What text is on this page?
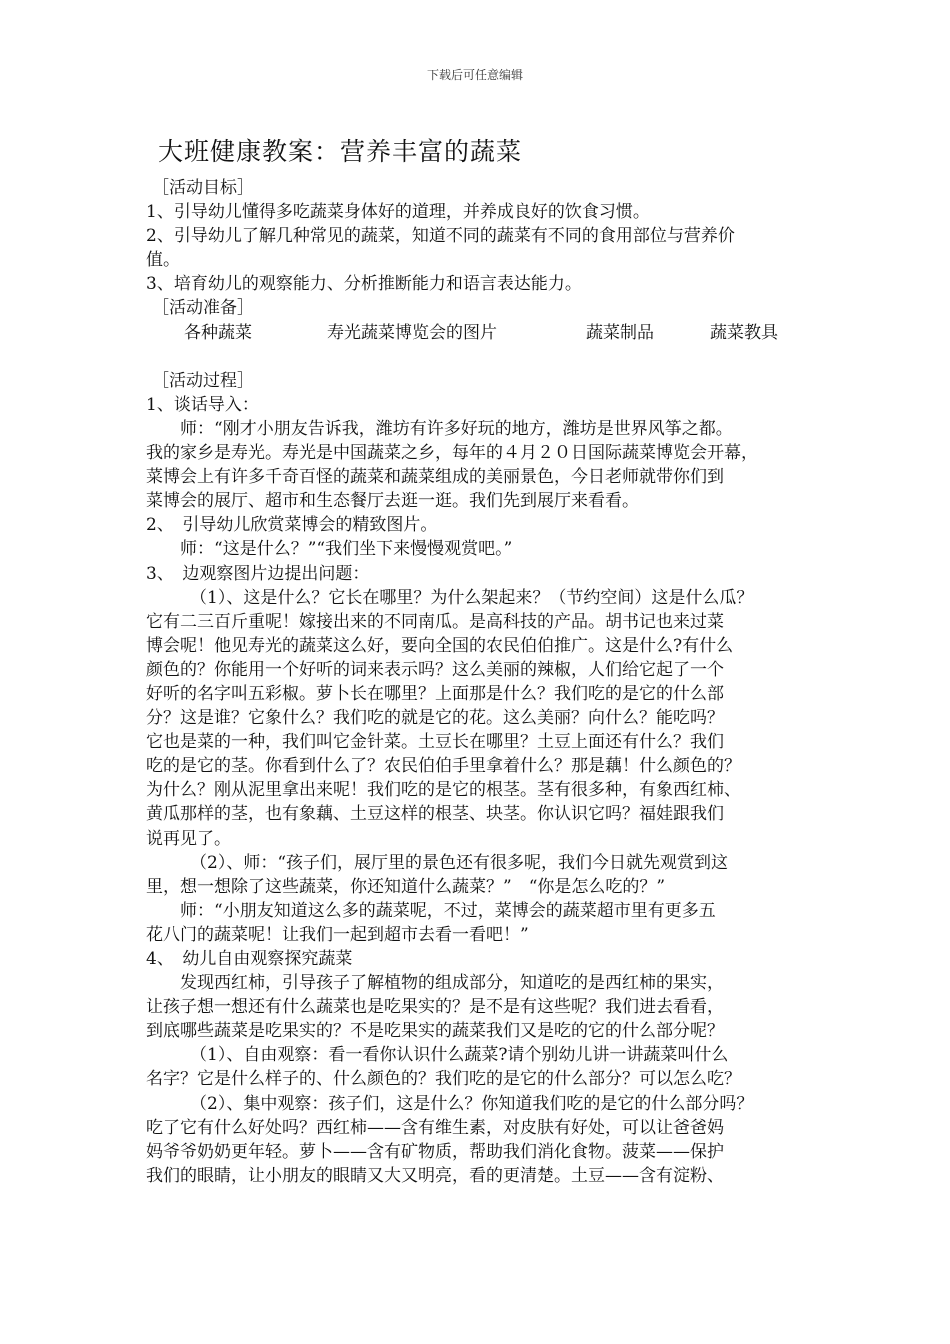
下载后可任意编辑
大班健康教案：营养丰富的蔬菜
［活动目标］
1、引导幼儿懂得多吃蔬菜身体好的道理，并养成良好的饮食习惯。
2、引导幼儿了解几种常见的蔬菜，知道不同的蔬菜有不同的食用部位与营养价
值。
3、培育幼儿的观察能力、分析推断能力和语言表达能力。
［活动准备］
各种蔬菜	寿光蔬菜博览会的图片	蔬菜制品	蔬菜教具
［活动过程］
1、谈话导入：
师：“刚才小朋友告诉我，潍坊有许多好玩的地方，潍坊是世界风筝之都。
我的家乡是寿光。寿光是中国蔬菜之乡，每年的４月２０日国际蔬菜博览会开幕，
菜博会上有许多千奇百怪的蔬菜和蔬菜组成的美丽景色，今日老师就带你们到
菜博会的展厅、超市和生态餐厅去逛一逛。我们先到展厅来看看。
2、　引导幼儿欣赏菜博会的精致图片。
师：“这是什么？”“我们坐下来慢慢观赏吧。”
3、　边观察图片边提出问题：
（1）、这是什么？它长在哪里？为什么架起来？（节约空间）这是什么瓜？
它有二三百斤重呢！嫁接出来的不同南瓜。是高科技的产品。胡书记也来过菜
博会呢！他见寿光的蔬菜这么好，要向全国的农民伯伯推广。这是什么?有什么
颜色的？你能用一个好听的词来表示吗？这么美丽的辣椒，人们给它起了一个
好听的名字叫五彩椒。萝卜长在哪里？上面那是什么？我们吃的是它的什么部
分？这是谁？它象什么？我们吃的就是它的花。这么美丽？向什么？能吃吗？
它也是菜的一种，我们叫它金针菜。土豆长在哪里？土豆上面还有什么？我们
吃的是它的茎。你看到什么了？农民伯伯手里拿着什么？那是藕！什么颜色的？
为什么？刚从泥里拿出来呢！我们吃的是它的根茎。茎有很多种，有象西红柿、
黄瓜那样的茎，也有象藕、土豆这样的根茎、块茎。你认识它吗？福娃跟我们
说再见了。
（2）、师：“孩子们，展厅里的景色还有很多呢，我们今日就先观赏到这
里，想一想除了这些蔬菜，你还知道什么蔬菜？”　“你是怎么吃的？”
师：“小朋友知道这么多的蔬菜呢，不过，菜博会的蔬菜超市里有更多五
花八门的蔬菜呢！让我们一起到超市去看一看吧！”
4、　幼儿自由观察探究蔬菜
发现西红柿，引导孩子了解植物的组成部分，知道吃的是西红柿的果实，
让孩子想一想还有什么蔬菜也是吃果实的？是不是有这些呢？我们进去看看，
到底哪些蔬菜是吃果实的？不是吃果实的蔬菜我们又是吃的它的什么部分呢？
（1）、自由观察：看一看你认识什么蔬菜?请个别幼儿讲一讲蔬菜叫什么
名字？它是什么样子的、什么颜色的？我们吃的是它的什么部分？可以怎么吃？
（2）、集中观察：孩子们，这是什么？你知道我们吃的是它的什么部分吗？
吃了它有什么好处吗？西红柿——含有维生素，对皮肤有好处，可以让爸爸妈
妈爷爷奶奶更年轻。萝卜——含有矿物质，帮助我们消化食物。菠菜——保护
我们的眼睛，让小朋友的眼睛又大又明亮，看的更清楚。土豆——含有淀粉、
